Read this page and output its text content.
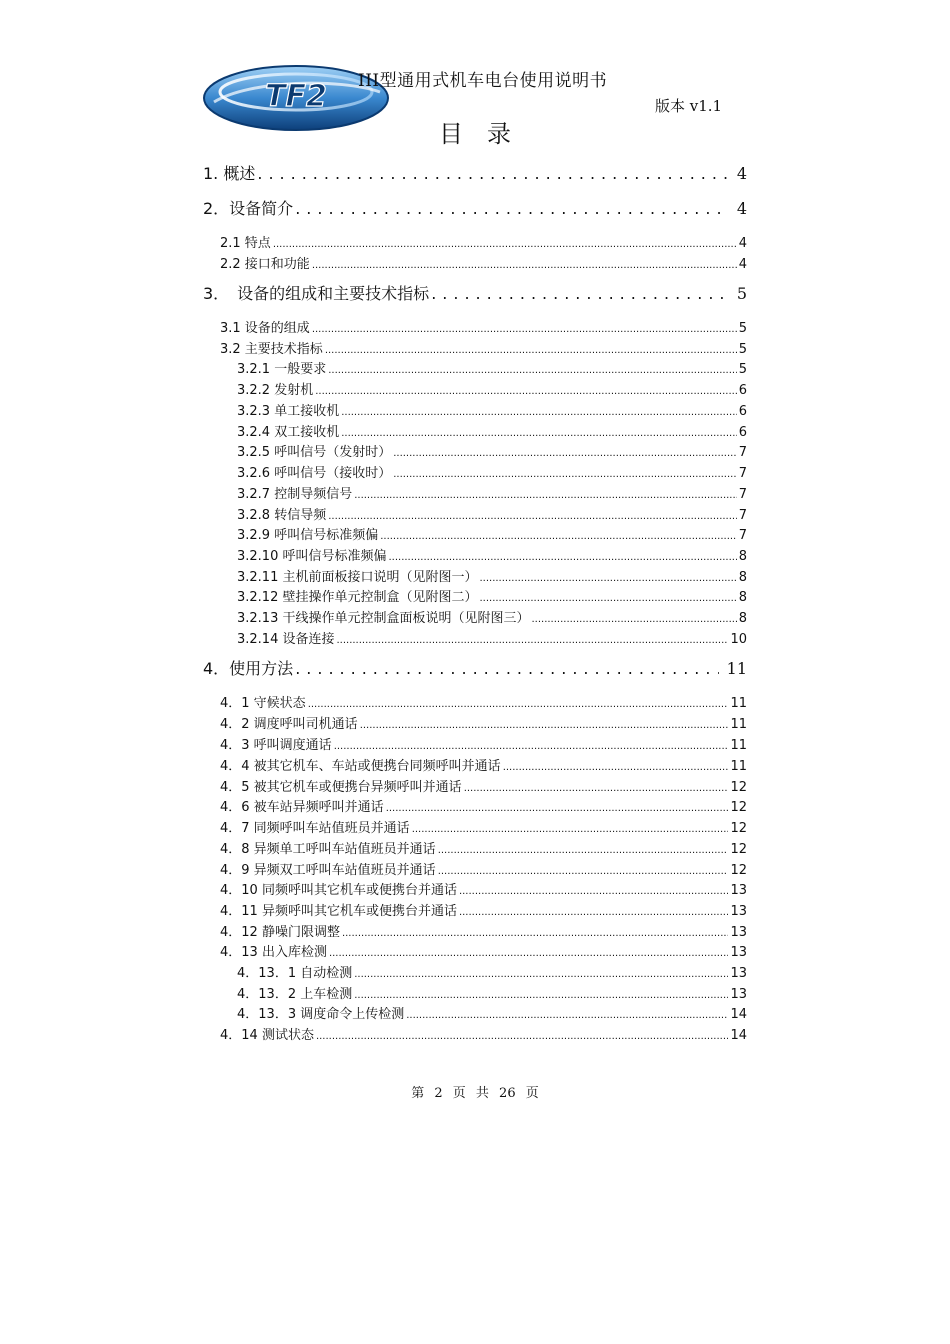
TF2 III型通用式机车电台使用说明书
版本 v1.1
目录
1. 概述 .....	4
2．设备简介 .....	4
2.1 特点 .....	4
2.2 接口和功能 .....	4
3．　设备的组成和主要技术指标 .....	5
3.1 设备的组成 .....	5
3.2 主要技术指标 .....	5
3.2.1 一般要求 .....	5
3.2.2 发射机 .....	6
3.2.3 单工接收机 .....	6
3.2.4 双工接收机 .....	6
3.2.5 呼叫信号（发射时） .....	7
3.2.6 呼叫信号（接收时） .....	7
3.2.7 控制导频信号 .....	7
3.2.8 转信导频 .....	7
3.2.9 呼叫信号标准频偏 .....	7
3.2.10 呼叫信号标准频偏 .....	8
3.2.11 主机前面板接口说明（见附图一） .....	8
3.2.12 壁挂操作单元控制盒（见附图二） .....	8
3.2.13 干线操作单元控制盒面板说明（见附图三） .....	8
3.2.14 设备连接 .....	10
4．使用方法 .....	11
4．1 守候状态 .....	11
4．2 调度呼叫司机通话 .....	11
4．3 呼叫调度通话 .....	11
4．4 被其它机车、车站或便携台同频呼叫并通话 .....	11
4．5 被其它机车或便携台异频呼叫并通话 .....	12
4．6 被车站异频呼叫并通话 .....	12
4．7 同频呼叫车站值班员并通话 .....	12
4．8 异频单工呼叫车站值班员并通话 .....	12
4．9 异频双工呼叫车站值班员并通话 .....	12
4．10 同频呼叫其它机车或便携台并通话 .....	13
4．11 异频呼叫其它机车或便携台并通话 .....	13
4．12 静噪门限调整 .....	13
4．13 出入库检测 .....	13
4．13．1 自动检测 .....	13
4．13．2 上车检测 .....	13
4．13．3 调度命令上传检测 .....	14
4．14 测试状态 .....	14
第 2 页 共 26 页
